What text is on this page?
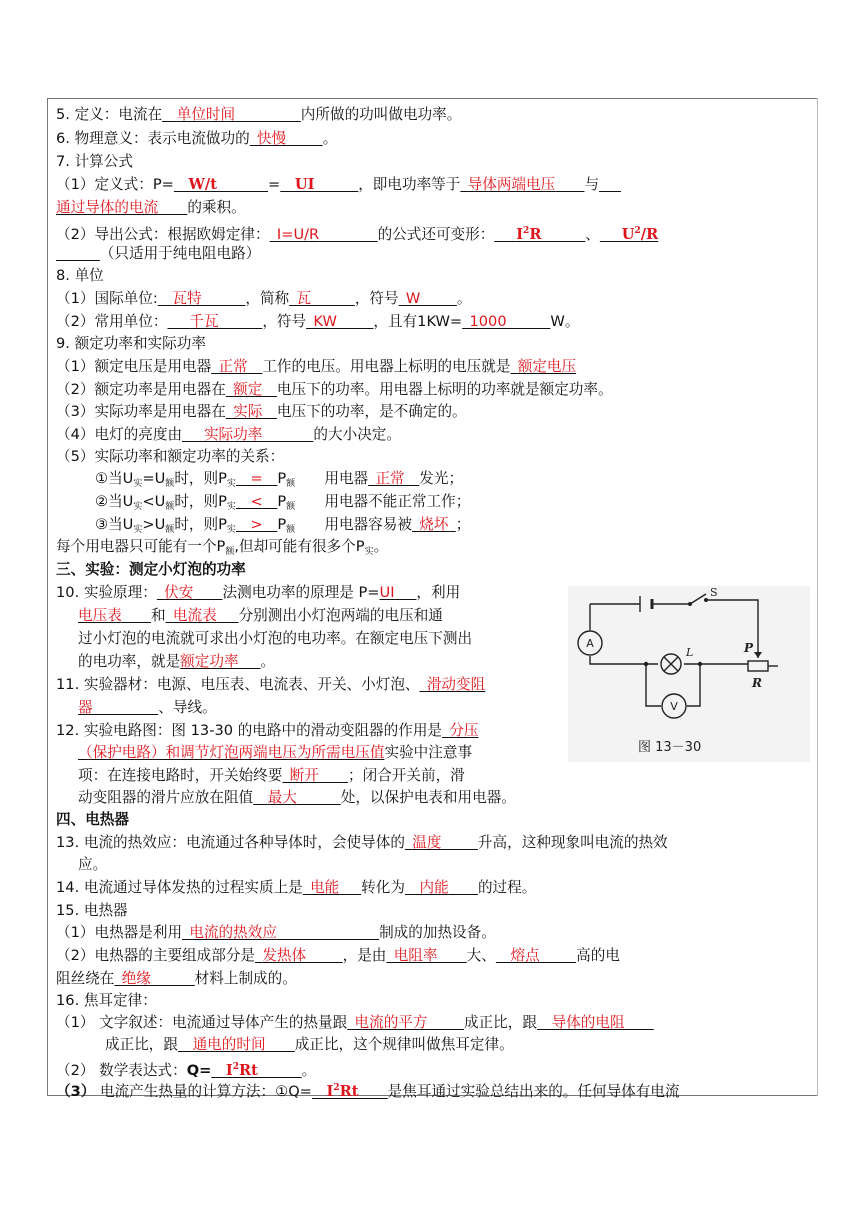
5. 定义：电流在  单位时间     	内所做的功叫做电功率。
6. 物理意义：表示电流做功的  快慢    。
7. 计算公式
（1）定义式：P=  W/t    	=  UI   	，即电功率等于  导体两端电压   与  
通过导体的电流   的乘积。
（2）导出公式：根据欧姆定律：  I=U/R    	的公式还可变形：   $I^2R$   	、   $U^2/R$
   （只适用于纯电阻电路）
8. 单位
（1）国际单位:  瓦特   	，简称  瓦   	，符号  W    。
（2）常用单位：   千瓦   	，符号  KW    ，且有1KW=  1000   	W。
9. 额定功率和实际功率
（1）额定电压是用电器  正常  工作的电压。用电器上标明的电压就是  额定电压
（2）额定功率是用电器在  额定  电压下的功率。用电器上标明的功率就是额定功率。
（3）实际功率是用电器在  实际  电压下的功率，是不确定的。
（4）电灯的亮度由   实际功率    	的大小决定。
（5）实际功率和额定功率的关系：
①当$U_实=U_额$时，则$P_实$   =   $P_额$   用电器  正常  发光；
②当$U_实<U_额$时，则$P_实$   <   $P_额$   用电器不能正常工作；
③当$U_实>U_额$时，则$P_实$   >   $P_额$   用电器容易被  烧坏  ；
每个用电器只可能有一个$P_额$,但却可能有很多个$P_实$。
三、实验：测定小灯泡的功率
10. 实验原理：  伏安   法测电功率的原理是 P=UI   ，利用
电压表   和  电流表   分别测出小灯泡两端的电压和通
过小灯泡的电流就可求出小灯泡的电功率。在额定电压下测出
的电功率，就是额定功率   。
11. 实验器材：电源、电压表、电流表、开关、小灯泡、  滑动变阻
器     	、导线。
12. 实验电路图：图 13-30 的电路中的滑动变阻器的作用是  分压
（保护电路）和调节灯泡两端电压为所需电压值实验中注意事
项：在连接电路时，开关始终要  断开   ；闭合开关前，滑
动变阻器的滑片应放在阻值  最大   	处，以保护电表和用电器。
四、电热器
13. 电流的热效应：电流通过各种导体时，会使导体的  温度    升高，这种现象叫电流的热效
应。
14. 电流通过导体发热的过程实质上是  电能   转化为  内能   的过程。
15. 电热器
（1）电热器是利用  电流的热效应       	制成的加热设备。
（2）电热器的主要组成部分是  发热体    ，是由  电阻率   大、  熔点    高的电
阻丝绕在  绝缘   	材料上制成的。
16. 焦耳定律：
（1） 文字叙述：电流通过导体产生的热量跟  电流的平方    成正比，跟  导体的电阻  
成正比，跟  通电的时间   成正比，这个规律叫做焦耳定律。
（2） 数学表达式：Q=  $I^2Rt$   	。
（3） 电流产生热量的计算方法：①Q=  $I^2Rt$   是焦耳通过实验总结出来的。任何导体有电流
S
A
L	P
R
V
图 13－30
